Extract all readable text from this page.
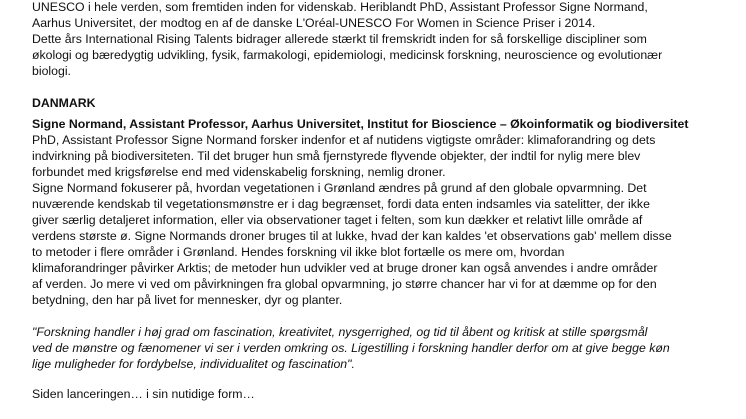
UNESCO i hele verden, som fremtiden inden for videnskab. Heriblandt PhD, Assistant Professor Signe Normand,
Aarhus Universitet, der modtog en af de danske L'Oréal-UNESCO For Women in Science Priser i 2014.
Dette års International Rising Talents bidrager allerede stærkt til fremskridt inden for så forskellige discipliner som
økologi og bæredygtig udvikling, fysik, farmakologi, epidemiologi, medicinsk forskning, neuroscience og evolutionær
biologi.

DANMARK

Signe Normand, Assistant Professor, Aarhus Universitet, Institut for Bioscience – Økoinformatik og biodiversitet

PhD, Assistant Professor Signe Normand forsker indenfor et af nutidens vigtigste områder: klimaforandring og dets
indvirkning på biodiversiteten. Til det bruger hun små fjernstyrede flyvende objekter, der indtil for nylig mere blev
forbundet med krigsførelse end med videnskabelig forskning, nemlig droner.
Signe Normand fokuserer på, hvordan vegetationen i Grønland ændres på grund af den globale opvarmning. Det
nuværende kendskab til vegetationsmønstre er i dag begrænset, fordi data enten indsamles via satelitter, der ikke
giver særlig detaljeret information, eller via observationer taget i felten, som kun dækker et relativt lille område af
verdens største ø. Signe Normands droner bruges til at lukke, hvad der kan kaldes 'et observations gab' mellem disse
to metoder i flere områder i Grønland. Hendes forskning vil ikke blot fortælle os mere om, hvordan
klimaforandringer påvirker Arktis; de metoder hun udvikler ved at bruge droner kan også anvendes i andre områder
af verden. Jo mere vi ved om påvirkningen fra global opvarmning, jo større chancer har vi for at dæmme op for den
betydning, den har på livet for mennesker, dyr og planter.

"Forskning handler i høj grad om fascination, kreativitet, nysgerrighed, og tid til åbent og kritisk at stille spørgsmål
ved de mønstre og fænomener vi ser i verden omkring os. Ligestilling i forskning handler derfor om at give begge køn
lige muligheder for fordybelse, individualitet og fascination".

Siden lanceringen… i sin nutidige form…
